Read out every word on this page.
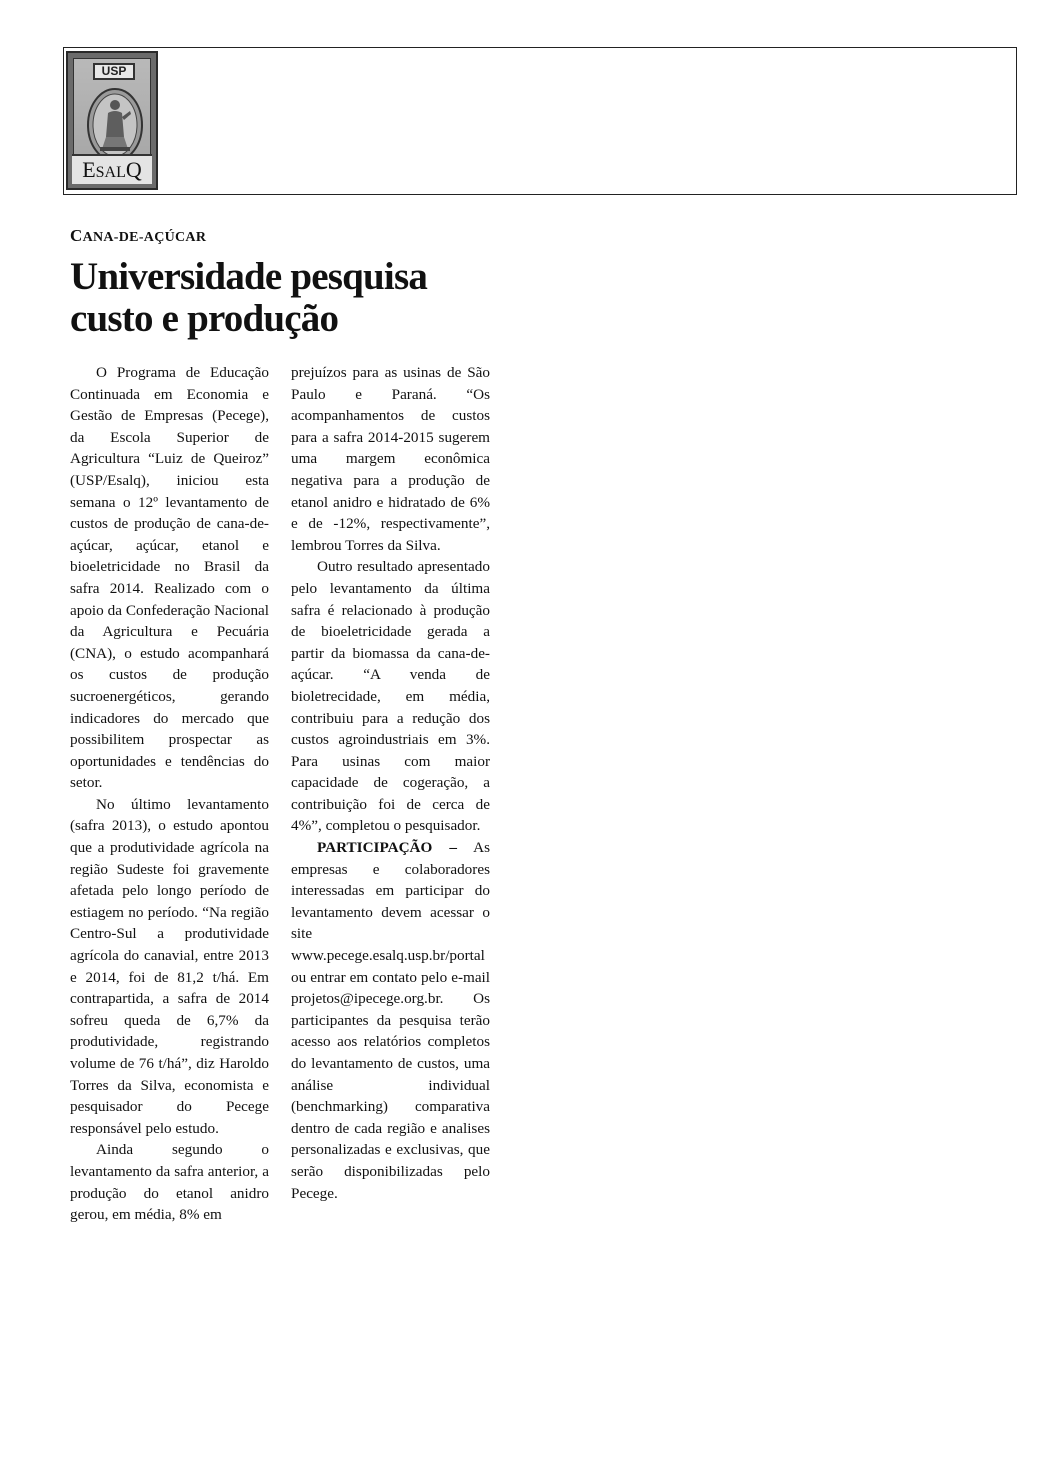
USP
ESALQ

CANA-DE-AÇÚCAR

Universidade pesquisa custo e produção

O Programa de Educação Continuada em Economia e Gestão de Empresas (Pecege), da Escola Superior de Agricultura “Luiz de Queiroz” (USP/Esalq), iniciou esta semana o 12º levantamento de custos de produção de cana-de-açúcar, açúcar, etanol e bioeletricidade no Brasil da safra 2014. Realizado com o apoio da Confederação Nacional da Agricultura e Pecuária (CNA), o estudo acompanhará os custos de produção sucroenergéticos, gerando indicadores do mercado que possibilitem prospectar as oportunidades e tendências do setor.

No último levantamento (safra 2013), o estudo apontou que a produtividade agrícola na região Sudeste foi gravemente afetada pelo longo período de estiagem no período. “Na região Centro-Sul a produtividade agrícola do canavial, entre 2013 e 2014, foi de 81,2 t/há. Em contrapartida, a safra de 2014 sofreu queda de 6,7% da produtividade, registrando volume de 76 t/há”, diz Haroldo Torres da Silva, economista e pesquisador do Pecege responsável pelo estudo.

Ainda segundo o levantamento da safra anterior, a produção do etanol anidro gerou, em média, 8% em

prejuízos para as usinas de São Paulo e Paraná. “Os acompanhamentos de custos para a safra 2014-2015 sugerem uma margem econômica negativa para a produção de etanol anidro e hidratado de 6% e de -12%, respectivamente”, lembrou Torres da Silva.

Outro resultado apresentado pelo levantamento da última safra é relacionado à produção de bioeletricidade gerada a partir da biomassa da cana-de-açúcar. “A venda de bioletrecidade, em média, contribuiu para a redução dos custos agroindustriais em 3%. Para usinas com maior capacidade de cogeração, a contribuição foi de cerca de 4%”, completou o pesquisador.

PARTICIPAÇÃO – As empresas e colaboradores interessadas em participar do levantamento devem acessar o site www.pecege.esalq.usp.br/portal ou entrar em contato pelo e-mail projetos@ipecege.org.br. Os participantes da pesquisa terão acesso aos relatórios completos do levantamento de custos, uma análise individual (benchmarking) comparativa dentro de cada região e analises personalizadas e exclusivas, que serão disponibilizadas pelo Pecege.
